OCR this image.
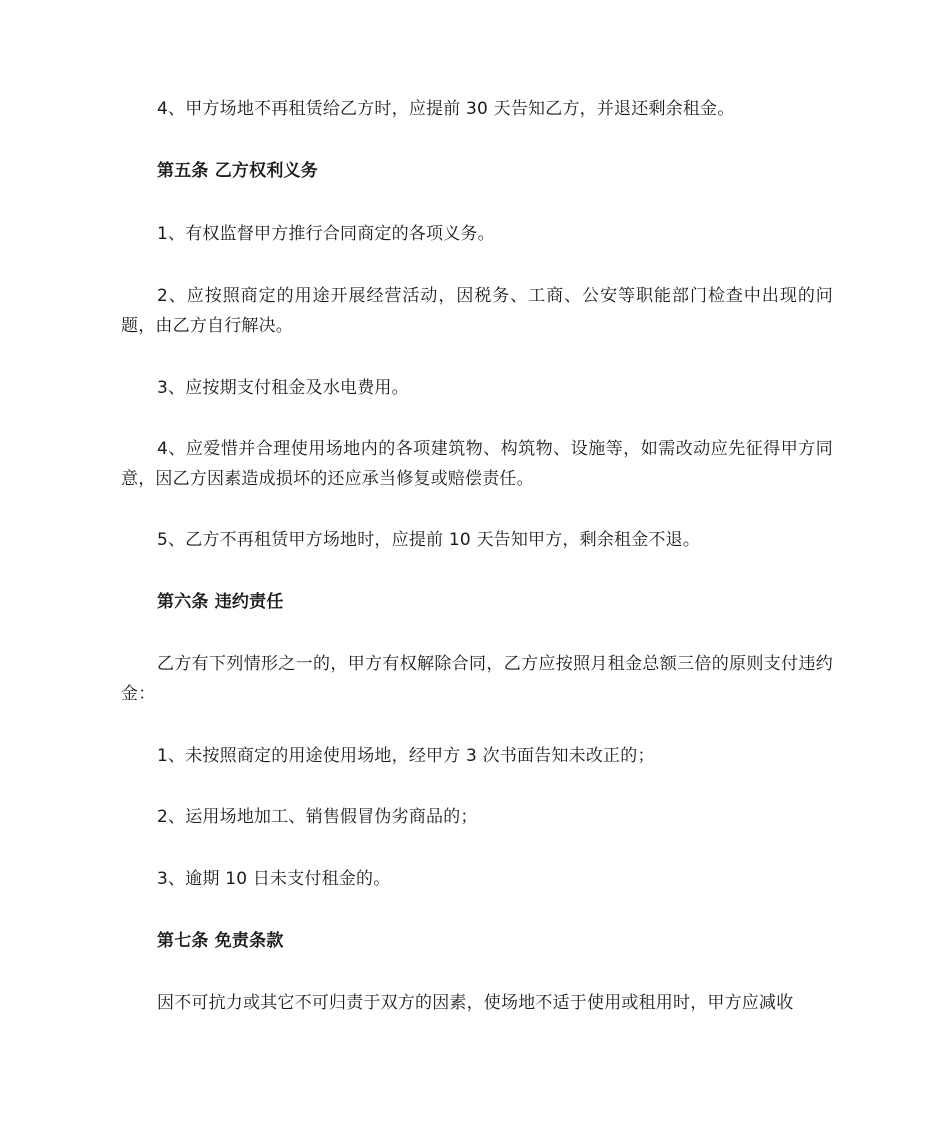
4、甲方场地不再租赁给乙方时，应提前 30 天告知乙方，并退还剩余租金。
第五条 乙方权利义务
1、有权监督甲方推行合同商定的各项义务。
2、应按照商定的用途开展经营活动，因税务、工商、公安等职能部门检查中出现的问题，由乙方自行解决。
3、应按期支付租金及水电费用。
4、应爱惜并合理使用场地内的各项建筑物、构筑物、设施等，如需改动应先征得甲方同意，因乙方因素造成损坏的还应承当修复或赔偿责任。
5、乙方不再租赁甲方场地时，应提前 10 天告知甲方，剩余租金不退。
第六条 违约责任
乙方有下列情形之一的，甲方有权解除合同，乙方应按照月租金总额三倍的原则支付违约金：
1、未按照商定的用途使用场地，经甲方 3 次书面告知未改正的；
2、运用场地加工、销售假冒伪劣商品的；
3、逾期 10 日未支付租金的。
第七条 免责条款
因不可抗力或其它不可归责于双方的因素，使场地不适于使用或租用时，甲方应减收
